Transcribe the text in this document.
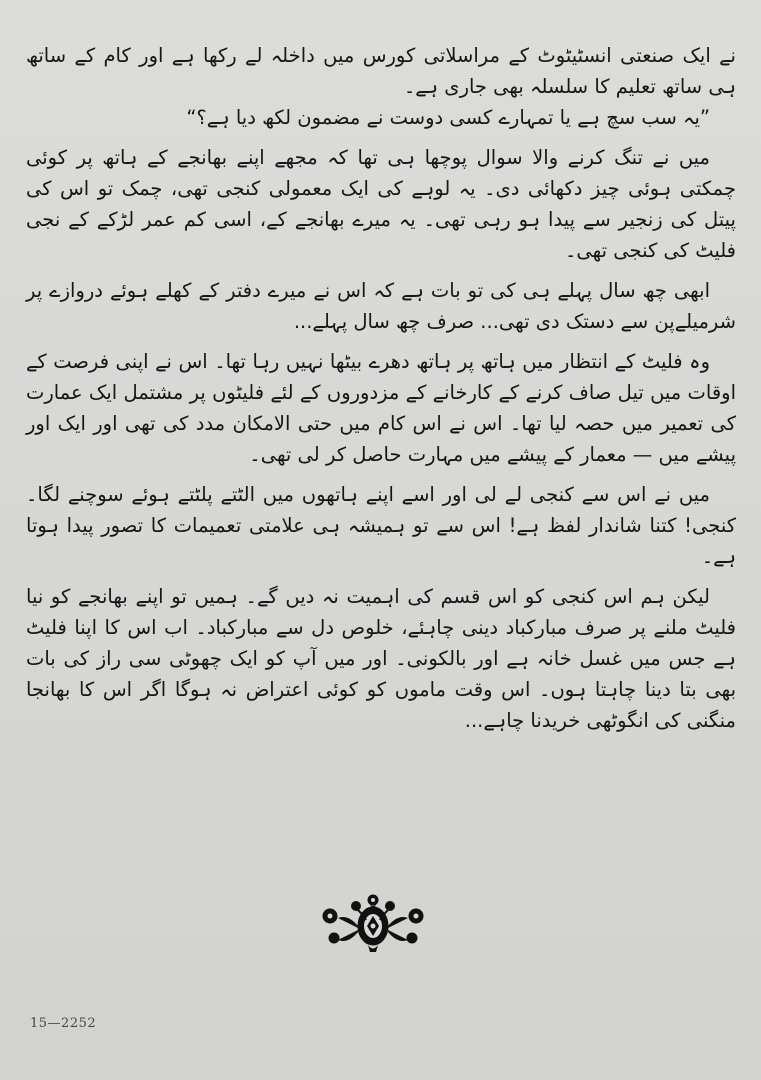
نے ایک صنعتی انسٹیٹوٹ کے مراسلاتی کورس میں داخلہ لے رکھا ہے اور کام کے ساتھ ہی ساتھ تعلیم کا سلسلہ بھی جاری ہے۔

”یہ سب سچ ہے یا تمہارے کسی دوست نے مضمون لکھ دیا ہے؟“

میں نے تنگ کرنے والا سوال پوچھا ہی تھا کہ مجھے اپنے بھانجے کے ہاتھ پر کوئی چمکتی ہوئی چیز دکھائی دی۔ یہ لوہے کی ایک معمولی کنجی تھی، چمک تو اس کی پیتل کی زنجیر سے پیدا ہو رہی تھی۔ یہ میرے بھانجے کے، اسی کم عمر لڑکے کے نجی فلیٹ کی کنجی تھی۔

ابھی چھ سال پہلے ہی کی تو بات ہے کہ اس نے میرے دفتر کے کھلے ہوئے دروازے پر شرمیلےپن سے دستک دی تھی... صرف چھ سال پہلے...

وہ فلیٹ کے انتظار میں ہاتھ پر ہاتھ دھرے بیٹھا نہیں رہا تھا۔ اس نے اپنی فرصت کے اوقات میں تیل صاف کرنے کے کارخانے کے مزدوروں کے لئے فلیٹوں پر مشتمل ایک عمارت کی تعمیر میں حصہ لیا تھا۔ اس نے اس کام میں حتی الامکان مدد کی تھی اور ایک اور پیشے میں — معمار کے پیشے میں مہارت حاصل کر لی تھی۔

میں نے اس سے کنجی لے لی اور اسے اپنے ہاتھوں میں الٹتے پلٹتے ہوئے سوچنے لگا۔ کنجی! کتنا شاندار لفظ ہے! اس سے تو ہمیشہ ہی علامتی تعمیمات کا تصور پیدا ہوتا ہے۔

لیکن ہم اس کنجی کو اس قسم کی اہمیت نہ دیں گے۔ ہمیں تو اپنے بھانجے کو نیا فلیٹ ملنے پر صرف مبارکباد دینی چاہئے، خلوص دل سے مبارکباد۔ اب اس کا اپنا فلیٹ ہے جس میں غسل خانہ ہے اور بالکونی۔ اور میں آپ کو ایک چھوٹی سی راز کی بات بھی بتا دینا چاہتا ہوں۔ اس وقت ماموں کو کوئی اعتراض نہ ہوگا اگر اس کا بھانجا منگنی کی انگوٹھی خریدنا چاہے...

15—2252
